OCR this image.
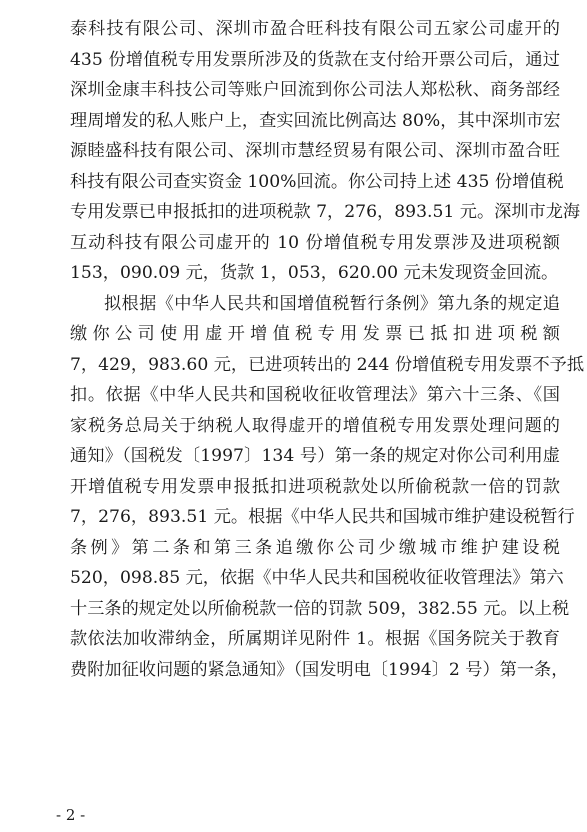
泰科技有限公司、深圳市盈合旺科技有限公司五家公司虚开的
435 份增值税专用发票所涉及的货款在支付给开票公司后，通过
深圳金康丰科技公司等账户回流到你公司法人郑松秋、商务部经
理周增发的私人账户上，查实回流比例高达 80%，其中深圳市宏
源睦盛科技有限公司、深圳市慧经贸易有限公司、深圳市盈合旺
科技有限公司查实资金 100%回流。你公司持上述 435 份增值税
专用发票已申报抵扣的进项税款 7，276，893.51 元。深圳市龙海
互动科技有限公司虚开的 10 份增值税专用发票涉及进项税额
153，090.09 元，货款 1，053，620.00 元未发现资金回流。
拟根据《中华人民共和国增值税暂行条例》第九条的规定追
缴你公司使用虚开增值税专用发票已抵扣进项税额
7，429，983.60 元，已进项转出的 244 份增值税专用发票不予抵
扣。依据《中华人民共和国税收征收管理法》第六十三条、《国
家税务总局关于纳税人取得虚开的增值税专用发票处理问题的
通知》（国税发〔1997〕134 号）第一条的规定对你公司利用虚
开增值税专用发票申报抵扣进项税款处以所偷税款一倍的罚款
7，276，893.51 元。根据《中华人民共和国城市维护建设税暂行
条例》第二条和第三条追缴你公司少缴城市维护建设税
520，098.85 元，依据《中华人民共和国税收征收管理法》第六
十三条的规定处以所偷税款一倍的罚款 509，382.55 元。以上税
款依法加收滞纳金，所属期详见附件 1。根据《国务院关于教育
费附加征收问题的紧急通知》（国发明电〔1994〕2 号）第一条，
- 2 -
